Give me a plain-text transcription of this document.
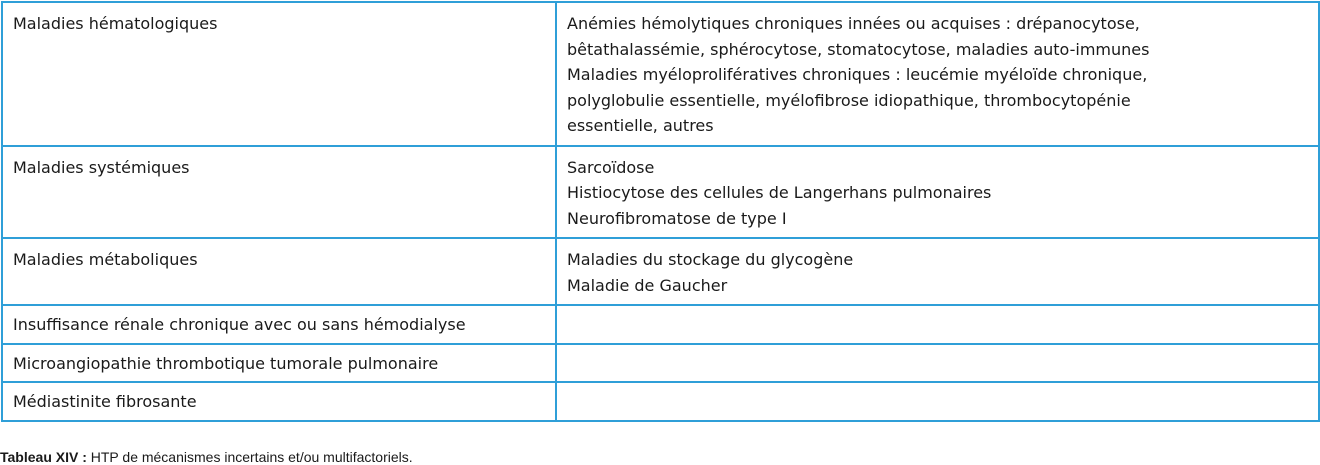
Maladies hématologiques	Anémies hémolytiques chroniques innées ou acquises : drépanocytose,
bêtathalassémie, sphérocytose, stomatocytose, maladies auto-immunes
Maladies myéloprolifératives chroniques : leucémie myéloïde chronique,
polyglobulie essentielle, myélofibrose idiopathique, thrombocytopénie
essentielle, autres

Maladies systémiques	Sarcoïdose
Histiocytose des cellules de Langerhans pulmonaires
Neurofibromatose de type I

Maladies métaboliques	Maladies du stockage du glycogène
Maladie de Gaucher

Insuffisance rénale chronique avec ou sans hémodialyse	
Microangiopathie thrombotique tumorale pulmonaire	
Médiastinite fibrosante	
Tableau XIV : HTP de mécanismes incertains et/ou multifactoriels.
